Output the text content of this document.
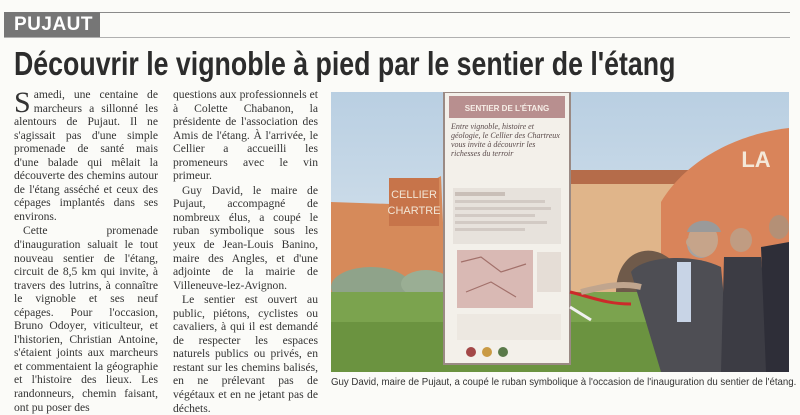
PUJAUT
Découvrir le vignoble à pied par le sentier de l'étang

Samedi, une centaine de marcheurs a sillonné les alentours de Pujaut. Il ne s'agissait pas d'une simple promenade de santé mais d'une balade qui mêlait la découverte des chemins autour de l'étang asséché et ceux des cépages implantés dans ses environs.

Cette promenade d'inauguration saluait le tout nouveau sentier de l'étang, circuit de 8,5 km qui invite, à travers des lutrins, à connaître le vignoble et ses neuf cépages. Pour l'occasion, Bruno Odoyer, viticulteur, et l'historien, Christian Antoine, s'étaient joints aux marcheurs et commentaient la géographie et l'histoire des lieux. Les randonneurs, chemin faisant, ont pu poser des

questions aux professionnels et à Colette Chabanon, la présidente de l'association des Amis de l'étang. À l'arrivée, le Cellier a accueilli les promeneurs avec le vin primeur.

Guy David, le maire de Pujaut, accompagné de nombreux élus, a coupé le ruban symbolique sous les yeux de Jean-Louis Banino, maire des Angles, et d'une adjointe de la mairie de Villeneuve-lez-Avignon.

Le sentier est ouvert au public, piétons, cyclistes ou cavaliers, à qui il est demandé de respecter les espaces naturels publics ou privés, en restant sur les chemins balisés, en ne prélevant pas de végétaux et en ne jetant pas de déchets.

CELLIER
CHARTRE
LA
SENTIER DE L'ÉTANG
Entre vignoble, histoire et géologie, le Cellier des Chartreux vous invite à découvrir les richesses du terroir
Guy David, maire de Pujaut, a coupé le ruban symbolique à l'occasion de l'inauguration du sentier de l'étang.
